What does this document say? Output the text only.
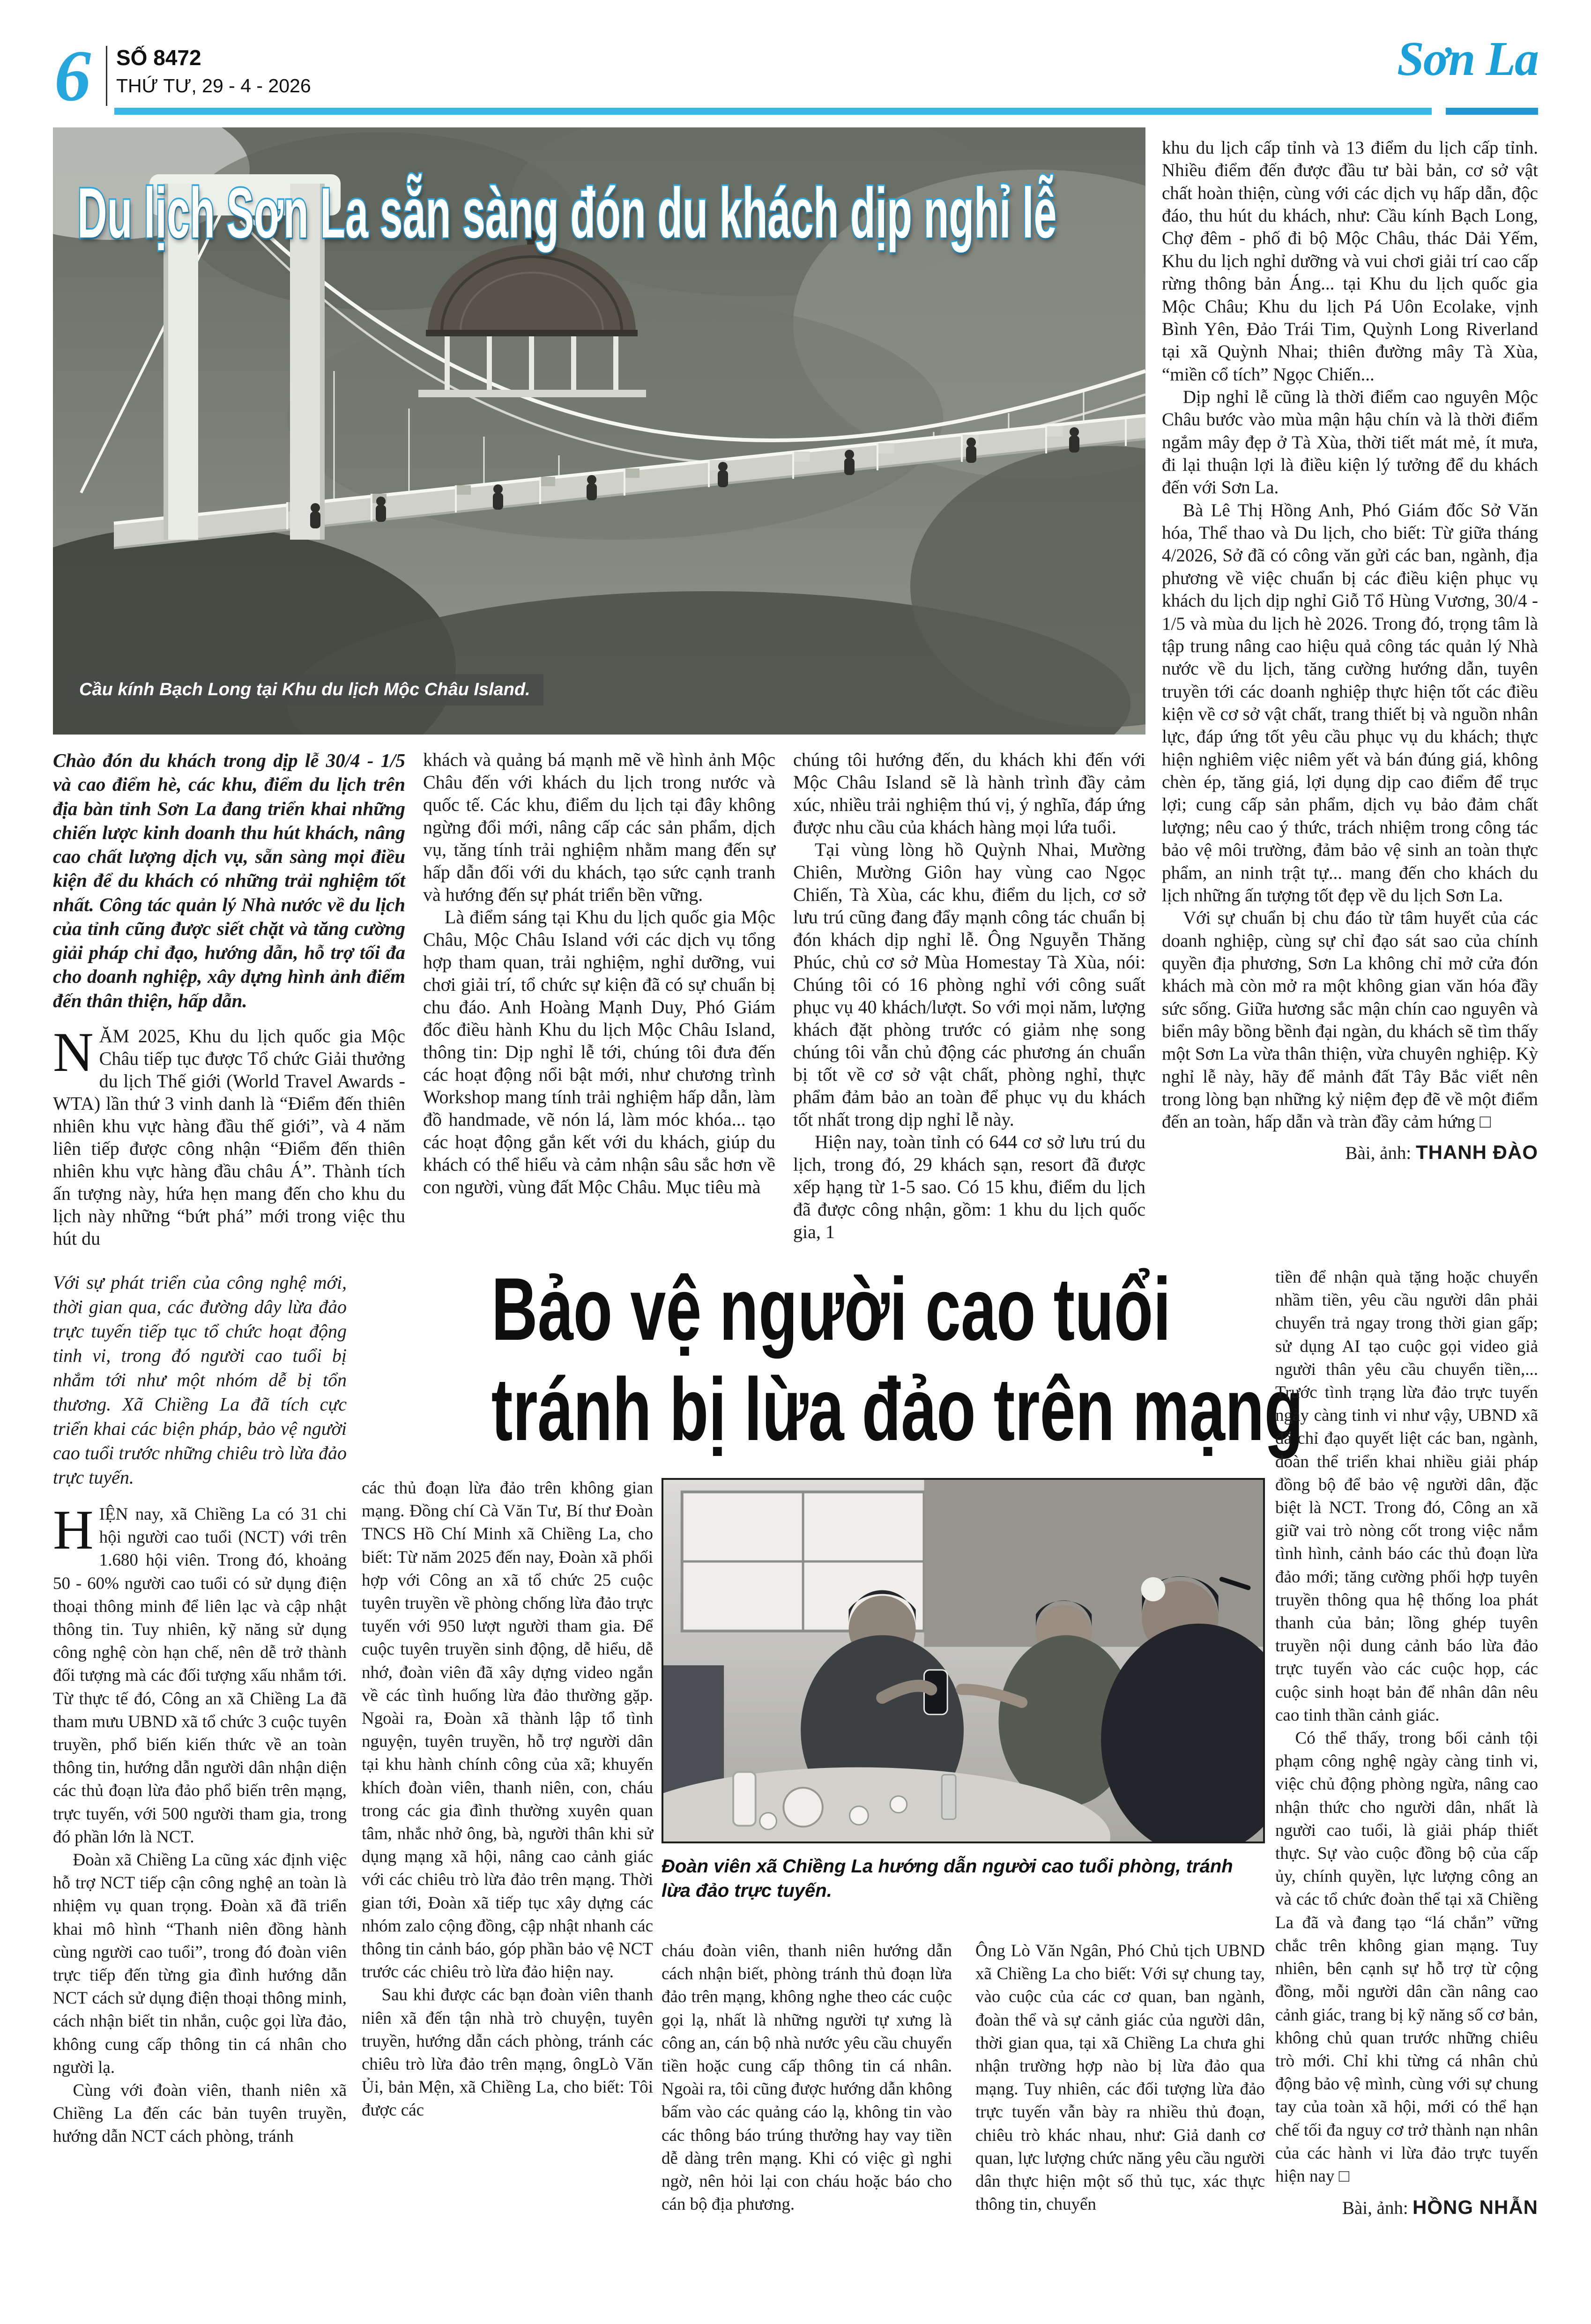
6 SỐ 8472
THỨ TƯ, 29 - 4 - 2026	Sơn La
Du lịch Sơn La sẵn sàng đón du khách dịp nghỉ lễ
Cầu kính Bạch Long tại Khu du lịch Mộc Châu Island.

khu du lịch cấp tỉnh và 13 điểm du lịch cấp tỉnh. Nhiều điểm đến được đầu tư bài bản, cơ sở vật chất hoàn thiện, cùng với các dịch vụ hấp dẫn, độc đáo, thu hút du khách, như: Cầu kính Bạch Long, Chợ đêm - phố đi bộ Mộc Châu, thác Dải Yếm, Khu du lịch nghỉ dưỡng và vui chơi giải trí cao cấp rừng thông bản Áng... tại Khu du lịch quốc gia Mộc Châu; Khu du lịch Pá Uôn Ecolake, vịnh Bình Yên, Đảo Trái Tim, Quỳnh Long Riverland tại xã Quỳnh Nhai; thiên đường mây Tà Xùa, “miền cổ tích” Ngọc Chiến...

Dịp nghỉ lễ cũng là thời điểm cao nguyên Mộc Châu bước vào mùa mận hậu chín và là thời điểm ngắm mây đẹp ở Tà Xùa, thời tiết mát mẻ, ít mưa, đi lại thuận lợi là điều kiện lý tưởng để du khách đến với Sơn La.

Bà Lê Thị Hồng Anh, Phó Giám đốc Sở Văn hóa, Thể thao và Du lịch, cho biết: Từ giữa tháng 4/2026, Sở đã có công văn gửi các ban, ngành, địa phương về việc chuẩn bị các điều kiện phục vụ khách du lịch dịp nghỉ Giỗ Tổ Hùng Vương, 30/4 - 1/5 và mùa du lịch hè 2026. Trong đó, trọng tâm là tập trung nâng cao hiệu quả công tác quản lý Nhà nước về du lịch, tăng cường hướng dẫn, tuyên truyền tới các doanh nghiệp thực hiện tốt các điều kiện về cơ sở vật chất, trang thiết bị và nguồn nhân lực, đáp ứng tốt yêu cầu phục vụ du khách; thực hiện nghiêm việc niêm yết và bán đúng giá, không chèn ép, tăng giá, lợi dụng dịp cao điểm để trục lợi; cung cấp sản phẩm, dịch vụ bảo đảm chất lượng; nêu cao ý thức, trách nhiệm trong công tác bảo vệ môi trường, đảm bảo vệ sinh an toàn thực phẩm, an ninh trật tự... mang đến cho khách du lịch những ấn tượng tốt đẹp về du lịch Sơn La.

Với sự chuẩn bị chu đáo từ tâm huyết của các doanh nghiệp, cùng sự chỉ đạo sát sao của chính quyền địa phương, Sơn La không chỉ mở cửa đón khách mà còn mở ra một không gian văn hóa đầy sức sống. Giữa hương sắc mận chín cao nguyên và biển mây bồng bềnh đại ngàn, du khách sẽ tìm thấy một Sơn La vừa thân thiện, vừa chuyên nghiệp. Kỳ nghỉ lễ này, hãy để mảnh đất Tây Bắc viết nên trong lòng bạn những kỷ niệm đẹp đẽ về một điểm đến an toàn, hấp dẫn và tràn đầy cảm hứng □

Bài, ảnh: THANH ĐÀO

Chào đón du khách trong dịp lễ 30/4 - 1/5 và cao điểm hè, các khu, điểm du lịch trên địa bàn tỉnh Sơn La đang triển khai những chiến lược kinh doanh thu hút khách, nâng cao chất lượng dịch vụ, sẵn sàng mọi điều kiện để du khách có những trải nghiệm tốt nhất. Công tác quản lý Nhà nước về du lịch của tỉnh cũng được siết chặt và tăng cường giải pháp chỉ đạo, hướng dẫn, hỗ trợ tối đa cho doanh nghiệp, xây dựng hình ảnh điểm đến thân thiện, hấp dẫn.

NĂM 2025, Khu du lịch quốc gia Mộc Châu tiếp tục được Tổ chức Giải thưởng du lịch Thế giới (World Travel Awards - WTA) lần thứ 3 vinh danh là “Điểm đến thiên nhiên khu vực hàng đầu thế giới”, và 4 năm liên tiếp được công nhận “Điểm đến thiên nhiên khu vực hàng đầu châu Á”. Thành tích ấn tượng này, hứa hẹn mang đến cho khu du lịch này những “bứt phá” mới trong việc thu hút du

khách và quảng bá mạnh mẽ về hình ảnh Mộc Châu đến với khách du lịch trong nước và quốc tế. Các khu, điểm du lịch tại đây không ngừng đổi mới, nâng cấp các sản phẩm, dịch vụ, tăng tính trải nghiệm nhằm mang đến sự hấp dẫn đối với du khách, tạo sức cạnh tranh và hướng đến sự phát triển bền vững.

Là điểm sáng tại Khu du lịch quốc gia Mộc Châu, Mộc Châu Island với các dịch vụ tổng hợp tham quan, trải nghiệm, nghỉ dưỡng, vui chơi giải trí, tổ chức sự kiện đã có sự chuẩn bị chu đáo. Anh Hoàng Mạnh Duy, Phó Giám đốc điều hành Khu du lịch Mộc Châu Island, thông tin: Dịp nghỉ lễ tới, chúng tôi đưa đến các hoạt động nổi bật mới, như chương trình Workshop mang tính trải nghiệm hấp dẫn, làm đồ handmade, vẽ nón lá, làm móc khóa... tạo các hoạt động gắn kết với du khách, giúp du khách có thể hiểu và cảm nhận sâu sắc hơn về con người, vùng đất Mộc Châu. Mục tiêu mà

chúng tôi hướng đến, du khách khi đến với Mộc Châu Island sẽ là hành trình đầy cảm xúc, nhiều trải nghiệm thú vị, ý nghĩa, đáp ứng được nhu cầu của khách hàng mọi lứa tuổi.

Tại vùng lòng hồ Quỳnh Nhai, Mường Chiên, Mường Giôn hay vùng cao Ngọc Chiến, Tà Xùa, các khu, điểm du lịch, cơ sở lưu trú cũng đang đẩy mạnh công tác chuẩn bị đón khách dịp nghỉ lễ. Ông Nguyễn Thăng Phúc, chủ cơ sở Mùa Homestay Tà Xùa, nói: Chúng tôi có 16 phòng nghỉ với công suất phục vụ 40 khách/lượt. So với mọi năm, lượng khách đặt phòng trước có giảm nhẹ song chúng tôi vẫn chủ động các phương án chuẩn bị tốt về cơ sở vật chất, phòng nghỉ, thực phẩm đảm bảo an toàn để phục vụ du khách tốt nhất trong dịp nghỉ lễ này.

Hiện nay, toàn tỉnh có 644 cơ sở lưu trú du lịch, trong đó, 29 khách sạn, resort đã được xếp hạng từ 1-5 sao. Có 15 khu, điểm du lịch đã được công nhận, gồm: 1 khu du lịch quốc gia, 1

Với sự phát triển của công nghệ mới, thời gian qua, các đường dây lừa đảo trực tuyến tiếp tục tổ chức hoạt động tinh vi, trong đó người cao tuổi bị nhắm tới như một nhóm dễ bị tổn thương. Xã Chiềng La đã tích cực triển khai các biện pháp, bảo vệ người cao tuổi trước những chiêu trò lừa đảo trực tuyến.
Bảo vệ người cao tuổi
tránh bị lừa đảo trên mạng

HIỆN nay, xã Chiềng La có 31 chi hội người cao tuổi (NCT) với trên 1.680 hội viên. Trong đó, khoảng 50 - 60% người cao tuổi có sử dụng điện thoại thông minh để liên lạc và cập nhật thông tin. Tuy nhiên, kỹ năng sử dụng công nghệ còn hạn chế, nên dễ trở thành đối tượng mà các đối tượng xấu nhắm tới. Từ thực tế đó, Công an xã Chiềng La đã tham mưu UBND xã tổ chức 3 cuộc tuyên truyền, phổ biến kiến thức về an toàn thông tin, hướng dẫn người dân nhận diện các thủ đoạn lừa đảo phổ biến trên mạng, trực tuyến, với 500 người tham gia, trong đó phần lớn là NCT.

Đoàn xã Chiềng La cũng xác định việc hỗ trợ NCT tiếp cận công nghệ an toàn là nhiệm vụ quan trọng. Đoàn xã đã triển khai mô hình “Thanh niên đồng hành cùng người cao tuổi”, trong đó đoàn viên trực tiếp đến từng gia đình hướng dẫn NCT cách sử dụng điện thoại thông minh, cách nhận biết tin nhắn, cuộc gọi lừa đảo, không cung cấp thông tin cá nhân cho người lạ.

Cùng với đoàn viên, thanh niên xã Chiềng La đến các bản tuyên truyền, hướng dẫn NCT cách phòng, tránh

các thủ đoạn lừa đảo trên không gian mạng. Đồng chí Cà Văn Tư, Bí thư Đoàn TNCS Hồ Chí Minh xã Chiềng La, cho biết: Từ năm 2025 đến nay, Đoàn xã phối hợp với Công an xã tổ chức 25 cuộc tuyên truyền về phòng chống lừa đảo trực tuyến với 950 lượt người tham gia. Để cuộc tuyên truyền sinh động, dễ hiểu, dễ nhớ, đoàn viên đã xây dựng video ngắn về các tình huống lừa đảo thường gặp. Ngoài ra, Đoàn xã thành lập tổ tình nguyện, tuyên truyền, hỗ trợ người dân tại khu hành chính công của xã; khuyến khích đoàn viên, thanh niên, con, cháu trong các gia đình thường xuyên quan tâm, nhắc nhở ông, bà, người thân khi sử dụng mạng xã hội, nâng cao cảnh giác với các chiêu trò lừa đảo trên mạng. Thời gian tới, Đoàn xã tiếp tục xây dựng các nhóm zalo cộng đồng, cập nhật nhanh các thông tin cảnh báo, góp phần bảo vệ NCT trước các chiêu trò lừa đảo hiện nay.

Sau khi được các bạn đoàn viên thanh niên xã đến tận nhà trò chuyện, tuyên truyền, hướng dẫn cách phòng, tránh các chiêu trò lừa đảo trên mạng, ôngLò Văn Ủi, bản Mện, xã Chiềng La, cho biết: Tôi được các

Đoàn viên xã Chiềng La hướng dẫn người cao tuổi phòng, tránh lừa đảo trực tuyến.

cháu đoàn viên, thanh niên hướng dẫn cách nhận biết, phòng tránh thủ đoạn lừa đảo trên mạng, không nghe theo các cuộc gọi lạ, nhất là những người tự xưng là công an, cán bộ nhà nước yêu cầu chuyển tiền hoặc cung cấp thông tin cá nhân. Ngoài ra, tôi cũng được hướng dẫn không bấm vào các quảng cáo lạ, không tin vào các thông báo trúng thưởng hay vay tiền dễ dàng trên mạng. Khi có việc gì nghi ngờ, nên hỏi lại con cháu hoặc báo cho cán bộ địa phương.

Ông Lò Văn Ngân, Phó Chủ tịch UBND xã Chiềng La cho biết: Với sự chung tay, vào cuộc của các cơ quan, ban ngành, đoàn thể và sự cảnh giác của người dân, thời gian qua, tại xã Chiềng La chưa ghi nhận trường hợp nào bị lừa đảo qua mạng. Tuy nhiên, các đối tượng lừa đảo trực tuyến vẫn bày ra nhiều thủ đoạn, chiêu trò khác nhau, như: Giả danh cơ quan, lực lượng chức năng yêu cầu người dân thực hiện một số thủ tục, xác thực thông tin, chuyển

tiền để nhận quà tặng hoặc chuyển nhầm tiền, yêu cầu người dân phải chuyển trả ngay trong thời gian gấp; sử dụng AI tạo cuộc gọi video giả người thân yêu cầu chuyển tiền,... Trước tình trạng lừa đảo trực tuyến ngày càng tinh vi như vậy, UBND xã đã chỉ đạo quyết liệt các ban, ngành, đoàn thể triển khai nhiều giải pháp đồng bộ để bảo vệ người dân, đặc biệt là NCT. Trong đó, Công an xã giữ vai trò nòng cốt trong việc nắm tình hình, cảnh báo các thủ đoạn lừa đảo mới; tăng cường phối hợp tuyên truyền thông qua hệ thống loa phát thanh của bản; lồng ghép tuyên truyền nội dung cảnh báo lừa đảo trực tuyến vào các cuộc họp, các cuộc sinh hoạt bản để nhân dân nêu cao tinh thần cảnh giác.

Có thể thấy, trong bối cảnh tội phạm công nghệ ngày càng tinh vi, việc chủ động phòng ngừa, nâng cao nhận thức cho người dân, nhất là người cao tuổi, là giải pháp thiết thực. Sự vào cuộc đồng bộ của cấp ủy, chính quyền, lực lượng công an và các tổ chức đoàn thể tại xã Chiềng La đã và đang tạo “lá chắn” vững chắc trên không gian mạng. Tuy nhiên, bên cạnh sự hỗ trợ từ cộng đồng, mỗi người dân cần nâng cao cảnh giác, trang bị kỹ năng số cơ bản, không chủ quan trước những chiêu trò mới. Chỉ khi từng cá nhân chủ động bảo vệ mình, cùng với sự chung tay của toàn xã hội, mới có thể hạn chế tối đa nguy cơ trở thành nạn nhân của các hành vi lừa đảo trực tuyến hiện nay □

Bài, ảnh: HỒNG NHẪN
